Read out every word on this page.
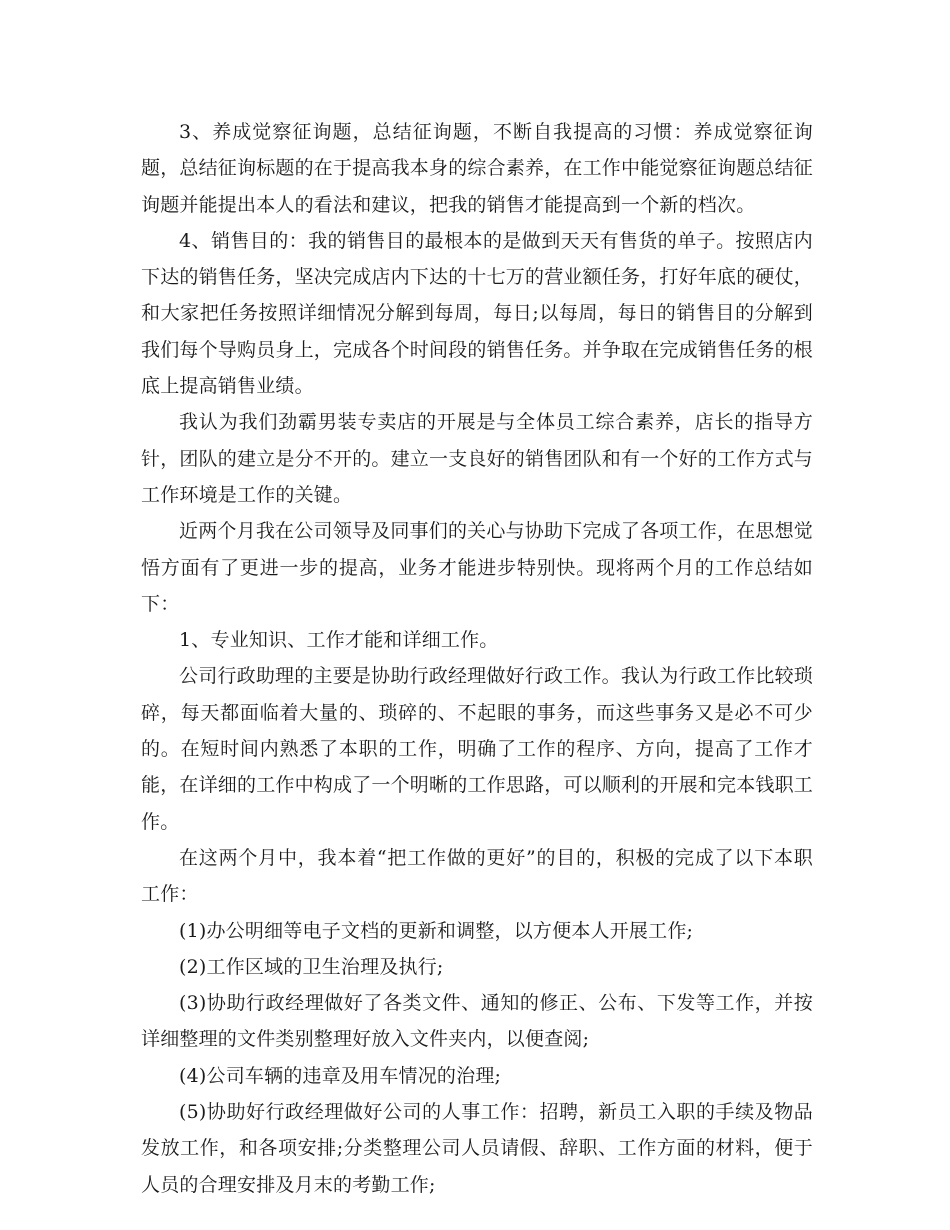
3、养成觉察征询题，总结征询题，不断自我提高的习惯：养成觉察征询题，总结征询标题的在于提高我本身的综合素养，在工作中能觉察征询题总结征询题并能提出本人的看法和建议，把我的销售才能提高到一个新的档次。

4、销售目的：我的销售目的最根本的是做到天天有售货的单子。按照店内下达的销售任务，坚决完成店内下达的十七万的营业额任务，打好年底的硬仗，和大家把任务按照详细情况分解到每周，每日;以每周，每日的销售目的分解到我们每个导购员身上，完成各个时间段的销售任务。并争取在完成销售任务的根底上提高销售业绩。

我认为我们劲霸男装专卖店的开展是与全体员工综合素养，店长的指导方针，团队的建立是分不开的。建立一支良好的销售团队和有一个好的工作方式与工作环境是工作的关键。

近两个月我在公司领导及同事们的关心与协助下完成了各项工作，在思想觉悟方面有了更进一步的提高，业务才能进步特别快。现将两个月的工作总结如下：

1、专业知识、工作才能和详细工作。

公司行政助理的主要是协助行政经理做好行政工作。我认为行政工作比较琐碎，每天都面临着大量的、琐碎的、不起眼的事务，而这些事务又是必不可少的。在短时间内熟悉了本职的工作，明确了工作的程序、方向，提高了工作才能，在详细的工作中构成了一个明晰的工作思路，可以顺利的开展和完本钱职工作。

在这两个月中，我本着“把工作做的更好”的目的，积极的完成了以下本职工作：

(1)办公明细等电子文档的更新和调整，以方便本人开展工作;

(2)工作区域的卫生治理及执行;

(3)协助行政经理做好了各类文件、通知的修正、公布、下发等工作，并按详细整理的文件类别整理好放入文件夹内，以便查阅;

(4)公司车辆的违章及用车情况的治理;

(5)协助好行政经理做好公司的人事工作：招聘，新员工入职的手续及物品发放工作，和各项安排;分类整理公司人员请假、辞职、工作方面的材料，便于人员的合理安排及月末的考勤工作;
